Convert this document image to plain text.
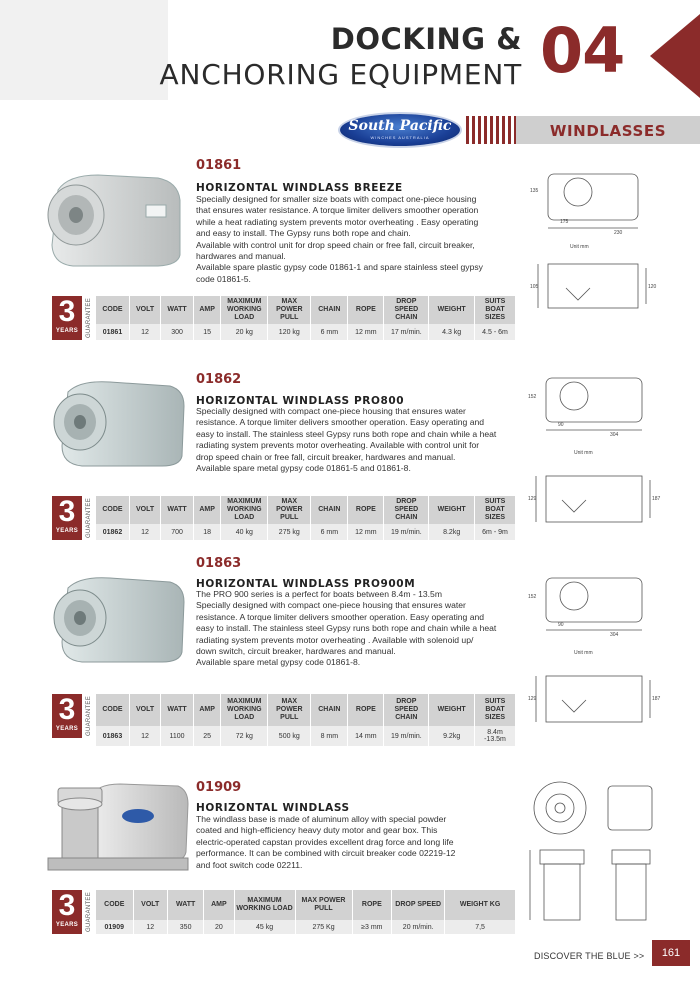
DOCKING &
ANCHORING EQUIPMENT 04
South Pacific
WINCHES AUSTRALIA	WINDLASSES
01861
HORIZONTAL WINDLASS BREEZE
Specially designed for smaller size boats with compact one-piece housing
that ensures water resistance. A torque limiter delivers smoother operation
while a heat radiating system prevents motor overheating . Easy operating
and easy to install. The Gypsy runs both rope and chain.
Available with control unit for drop speed chain or free fall, circuit breaker,
hardwares and manual.
Available spare plastic gypsy code 01861-1 and spare stainless steel gypsy
code 01861-5.
Unit mm
175
230
135
120
105
3
YEARS	GUARANTEE CODE	VOLT	WATT	AMP	MAXIMUM WORKING LOAD	MAX POWER PULL	CHAIN	ROPE	DROP SPEED CHAIN	WEIGHT	SUITS BOAT SIZES
01861	12	300	15	20 kg	120 kg	6 mm	12 mm	17 m/min.	4.3 kg	4.5 - 6m
01862
HORIZONTAL WINDLASS PRO800
Specially designed with compact one-piece housing that ensures water
resistance. A torque limiter delivers smoother operation. Easy operating and
easy to install. The stainless steel Gypsy runs both rope and chain while a heat
radiating system prevents motor overheating. Available with control unit for
drop speed chain or free fall, circuit breaker, hardwares and manual.
Available spare metal gypsy code 01861-5 and 01861-8.
Unit mm
304
90
152
187
129
3
YEARS	GUARANTEE CODE	VOLT	WATT	AMP	MAXIMUM WORKING LOAD	MAX POWER PULL	CHAIN	ROPE	DROP SPEED CHAIN	WEIGHT	SUITS BOAT SIZES
01862	12	700	18	40 kg	275 kg	6 mm	12 mm	19 m/min.	8.2kg	6m - 9m
01863
HORIZONTAL WINDLASS PRO900M
The PRO 900 series is a perfect for boats between 8.4m - 13.5m
Specially designed with compact one-piece housing that ensures water
resistance. A torque limiter delivers smoother operation. Easy operating and
easy to install. The stainless steel Gypsy runs both rope and chain while a heat
radiating system prevents motor overheating . Available with solenoid up/
down switch, circuit breaker, hardwares and manual.
Available spare metal gypsy code 01861-8.
Unit mm
304
90
152
187
129
3
YEARS	GUARANTEE CODE	VOLT	WATT	AMP	MAXIMUM WORKING LOAD	MAX POWER PULL	CHAIN	ROPE	DROP SPEED CHAIN	WEIGHT	SUITS BOAT SIZES
01863	12	1100	25	72 kg	500 kg	8 mm	14 mm	19 m/min.	9.2kg	8.4m -13.5m
01909
HORIZONTAL WINDLASS
The windlass base is made of aluminum alloy with special powder
coated and high-efficiency heavy duty motor and gear box. This
electric-operated capstan provides excellent drag force and long life
performance. It can be combined with circuit breaker code 02219-12
and foot switch code 02211.
3
YEARS	GUARANTEE CODE	VOLT	WATT	AMP	MAXIMUM WORKING LOAD	MAX POWER PULL	ROPE	DROP SPEED	WEIGHT KG
01909	12	350	20	45 kg	275 Kg	≥3 mm	20 m/min.	7,5
DISCOVER THE BLUE >>	161
